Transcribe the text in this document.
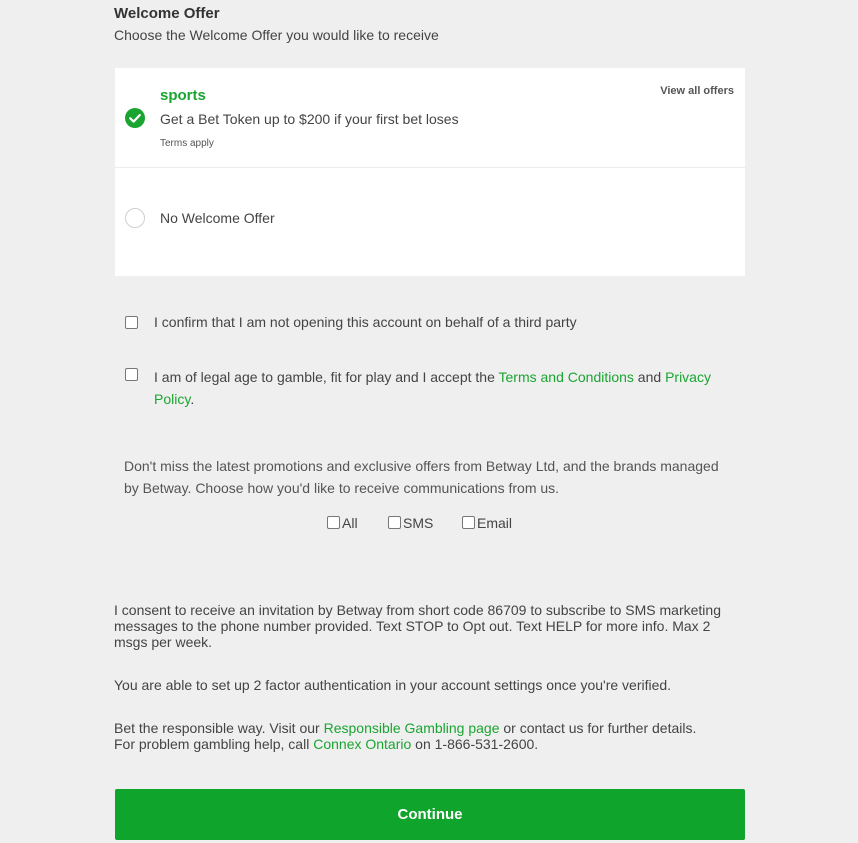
Welcome Offer
Choose the Welcome Offer you would like to receive
sports
Get a Bet Token up to $200 if your first bet loses
Terms apply
View all offers
No Welcome Offer
I confirm that I am not opening this account on behalf of a third party
I am of legal age to gamble, fit for play and I accept the Terms and Conditions and Privacy Policy.
Don't miss the latest promotions and exclusive offers from Betway Ltd, and the brands managed by Betway. Choose how you'd like to receive communications from us.
All	SMS	Email
I consent to receive an invitation by Betway from short code 86709 to subscribe to SMS marketing messages to the phone number provided. Text STOP to Opt out. Text HELP for more info. Max 2 msgs per week.
You are able to set up 2 factor authentication in your account settings once you're verified.
Bet the responsible way. Visit our Responsible Gambling page or contact us for further details.
For problem gambling help, call Connex Ontario on 1-866-531-2600.
Continue
